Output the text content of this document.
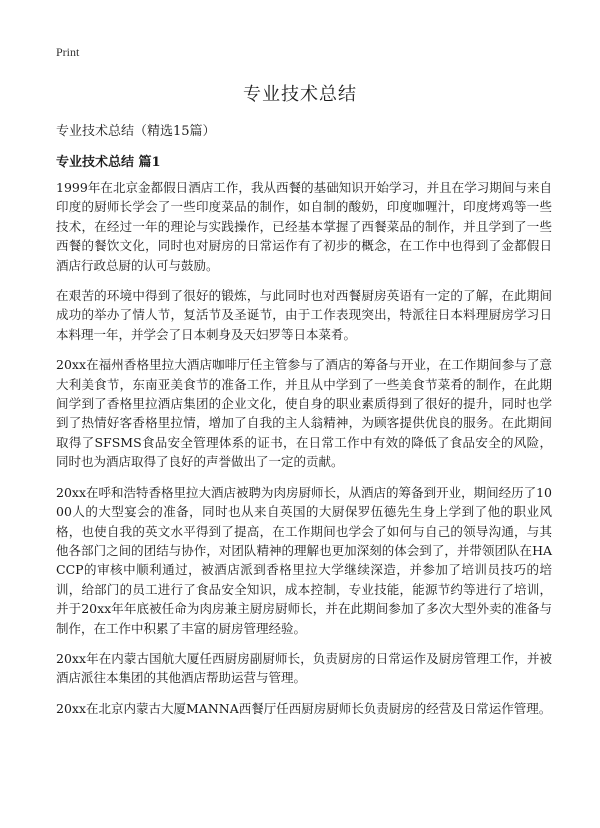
Print
专业技术总结
专业技术总结（精选15篇）
专业技术总结 篇1

1999年在北京金都假日酒店工作，我从西餐的基础知识开始学习，并且在学习期间与来自印度的厨师长学会了一些印度菜品的制作，如自制的酸奶，印度咖喱汁，印度烤鸡等一些技术，在经过一年的理论与实践操作，已经基本掌握了西餐菜品的制作，并且学到了一些西餐的餐饮文化，同时也对厨房的日常运作有了初步的概念，在工作中也得到了金都假日酒店行政总厨的认可与鼓励。

在艰苦的环境中得到了很好的锻炼，与此同时也对西餐厨房英语有一定的了解，在此期间成功的举办了情人节，复活节及圣诞节，由于工作表现突出，特派往日本料理厨房学习日本料理一年，并学会了日本刺身及天妇罗等日本菜肴。

20xx在福州香格里拉大酒店咖啡厅任主管参与了酒店的筹备与开业，在工作期间参与了意大利美食节，东南亚美食节的准备工作，并且从中学到了一些美食节菜肴的制作，在此期间学到了香格里拉酒店集团的企业文化，使自身的职业素质得到了很好的提升，同时也学到了热情好客香格里拉情，增加了自我的主人翁精神，为顾客提供优良的服务。在此期间取得了SFSMS食品安全管理体系的证书，在日常工作中有效的降低了食品安全的风险，同时也为酒店取得了良好的声誉做出了一定的贡献。

20xx在呼和浩特香格里拉大酒店被聘为肉房厨师长，从酒店的筹备到开业，期间经历了1000人的大型宴会的准备，同时也从来自英国的大厨保罗伍德先生身上学到了他的职业风格，也使自我的英文水平得到了提高，在工作期间也学会了如何与自己的领导沟通，与其他各部门之间的团结与协作，对团队精神的理解也更加深刻的体会到了，并带领团队在HACCP的审核中顺利通过，被酒店派到香格里拉大学继续深造，并参加了培训员技巧的培训，给部门的员工进行了食品安全知识，成本控制，专业技能，能源节约等进行了培训，并于20xx年年底被任命为肉房兼主厨房厨师长，并在此期间参加了多次大型外卖的准备与制作，在工作中积累了丰富的厨房管理经验。

20xx年在内蒙古国航大厦任西厨房副厨师长，负责厨房的日常运作及厨房管理工作，并被酒店派往本集团的其他酒店帮助运营与管理。

20xx在北京内蒙古大厦MANNA西餐厅任西厨房厨师长负责厨房的经营及日常运作管理。
